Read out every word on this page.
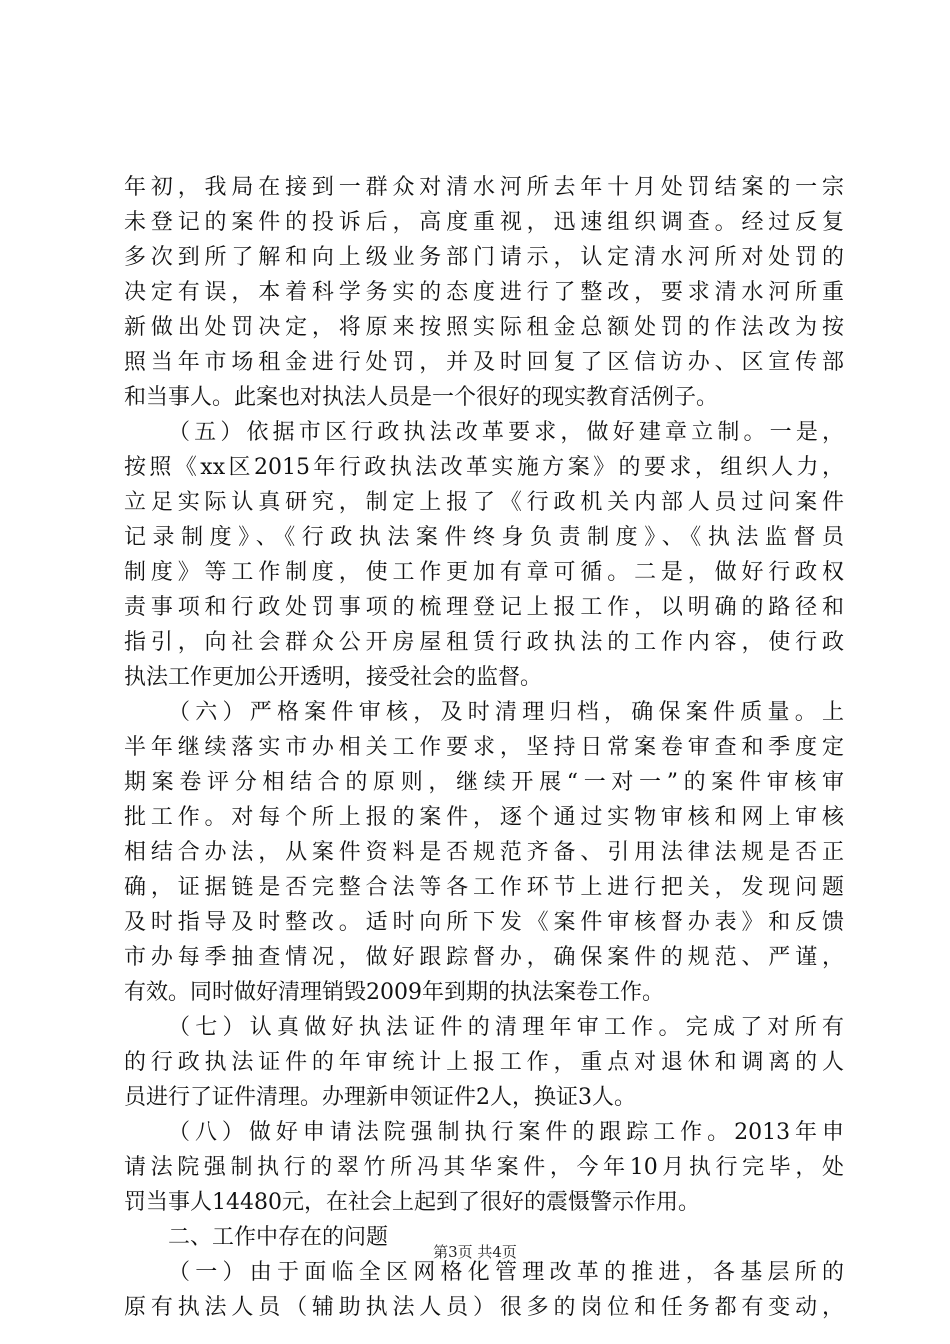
年初，我局在接到一群众对清水河所去年十月处罚结案的一宗
未登记的案件的投诉后，高度重视，迅速组织调查。经过反复
多次到所了解和向上级业务部门请示，认定清水河所对处罚的
决定有误，本着科学务实的态度进行了整改，要求清水河所重
新做出处罚决定，将原来按照实际租金总额处罚的作法改为按
照当年市场租金进行处罚，并及时回复了区信访办、区宣传部
和当事人。此案也对执法人员是一个很好的现实教育活例子。
（五）依据市区行政执法改革要求，做好建章立制。一是，
按照《xx区2015年行政执法改革实施方案》的要求，组织人力，
立足实际认真研究，制定上报了《行政机关内部人员过问案件
记录制度》、《行政执法案件终身负责制度》、《执法监督员
制度》等工作制度，使工作更加有章可循。二是，做好行政权
责事项和行政处罚事项的梳理登记上报工作，以明确的路径和
指引，向社会群众公开房屋租赁行政执法的工作内容，使行政
执法工作更加公开透明，接受社会的监督。
（六）严格案件审核，及时清理归档，确保案件质量。上
半年继续落实市办相关工作要求，坚持日常案卷审查和季度定
期案卷评分相结合的原则，继续开展“一对一”的案件审核审
批工作。对每个所上报的案件，逐个通过实物审核和网上审核
相结合办法，从案件资料是否规范齐备、引用法律法规是否正
确，证据链是否完整合法等各工作环节上进行把关，发现问题
及时指导及时整改。适时向所下发《案件审核督办表》和反馈
市办每季抽查情况，做好跟踪督办，确保案件的规范、严谨，
有效。同时做好清理销毁2009年到期的执法案卷工作。
（七）认真做好执法证件的清理年审工作。完成了对所有
的行政执法证件的年审统计上报工作，重点对退休和调离的人
员进行了证件清理。办理新申领证件2人，换证3人。
（八）做好申请法院强制执行案件的跟踪工作。2013年申
请法院强制执行的翠竹所冯其华案件，今年10月执行完毕，处
罚当事人14480元，在社会上起到了很好的震慑警示作用。
二、工作中存在的问题
（一）由于面临全区网格化管理改革的推进，各基层所的
原有执法人员（辅助执法人员）很多的岗位和任务都有变动，
第3页 共4页
